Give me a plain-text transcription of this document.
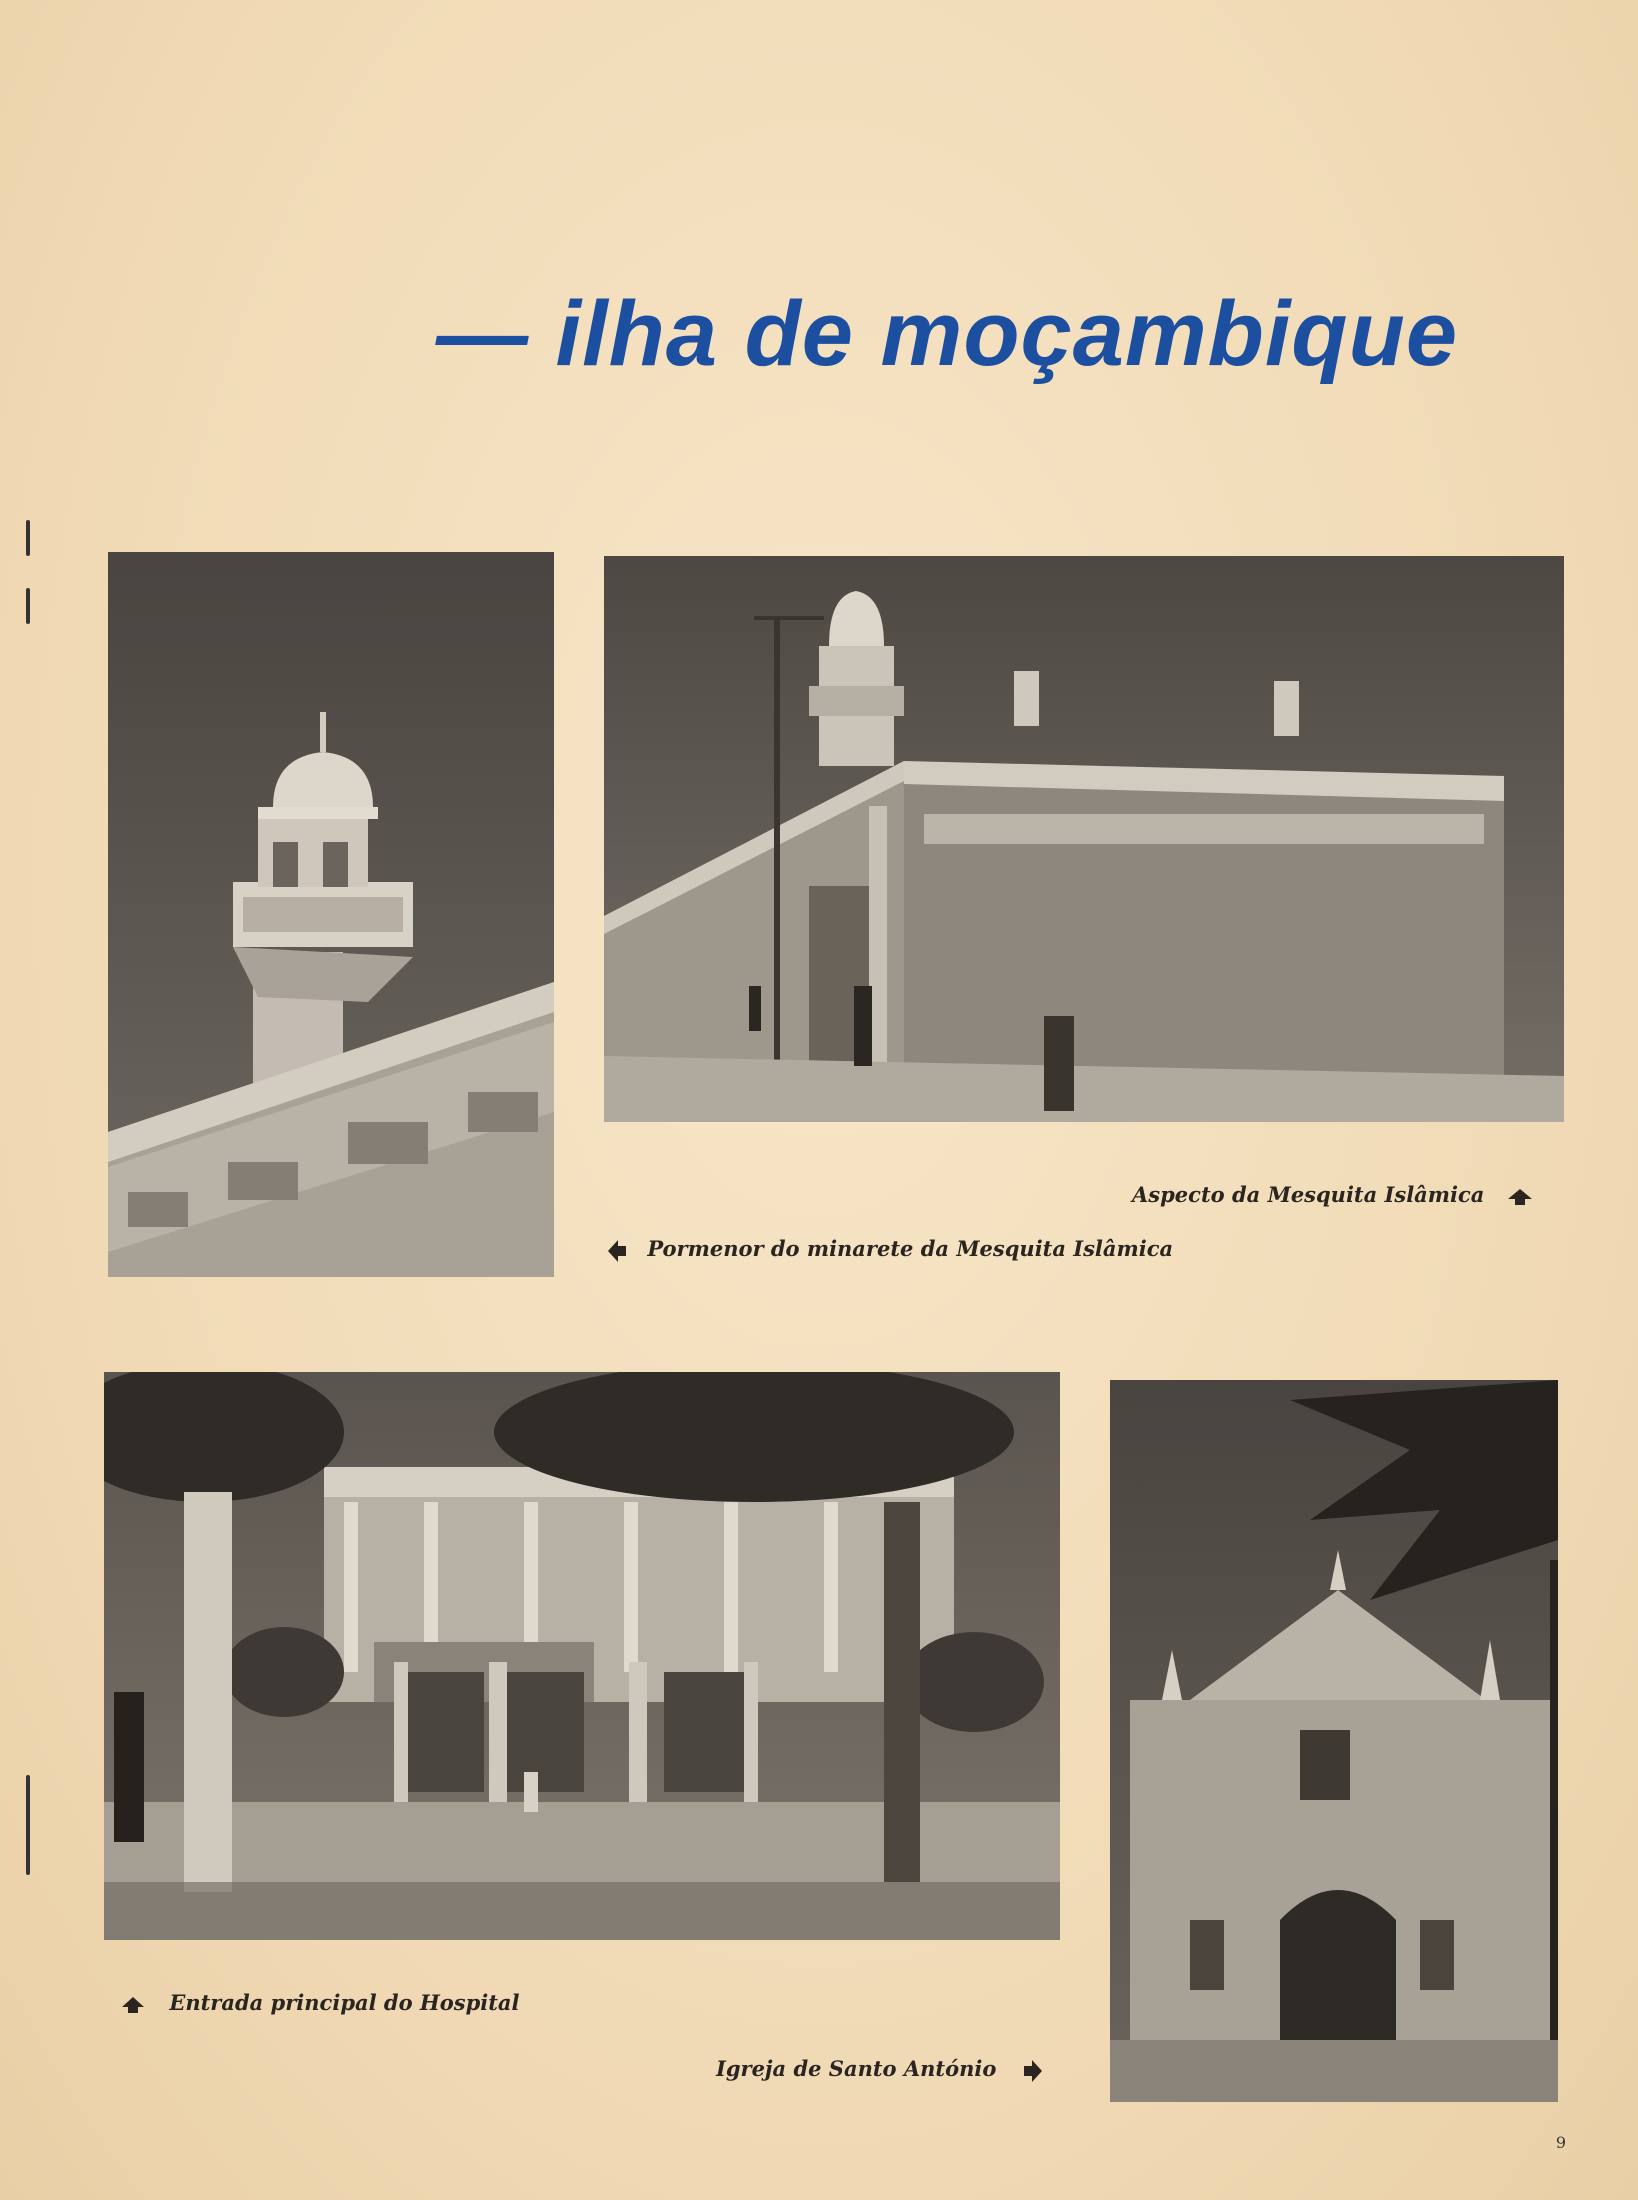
— ilha de moçambique
Aspecto da Mesquita Islâmica
Pormenor do minarete da Mesquita Islâmica
Entrada principal do Hospital
Igreja de Santo António
9
